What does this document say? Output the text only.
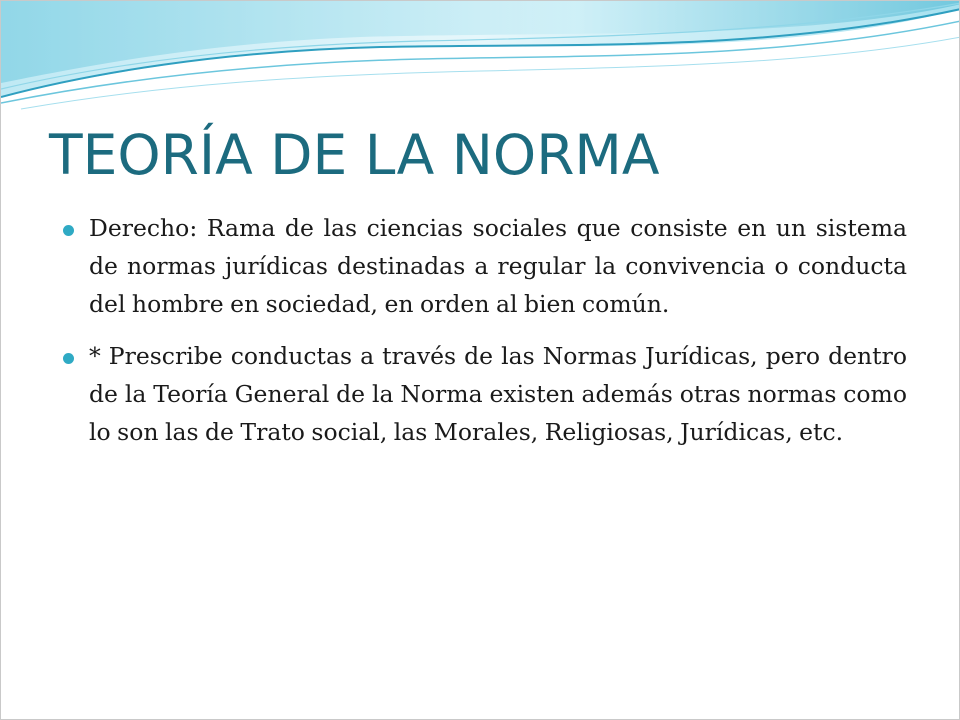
TEORÍA DE LA NORMA
Derecho: Rama de las ciencias sociales que consiste en un sistema de normas jurídicas destinadas a regular la convivencia o conducta del hombre en sociedad, en orden al bien común.
* Prescribe conductas a través de las Normas Jurídicas, pero dentro de la Teoría General de la Norma existen además otras normas como lo son las de Trato social, las Morales, Religiosas, Jurídicas, etc.
